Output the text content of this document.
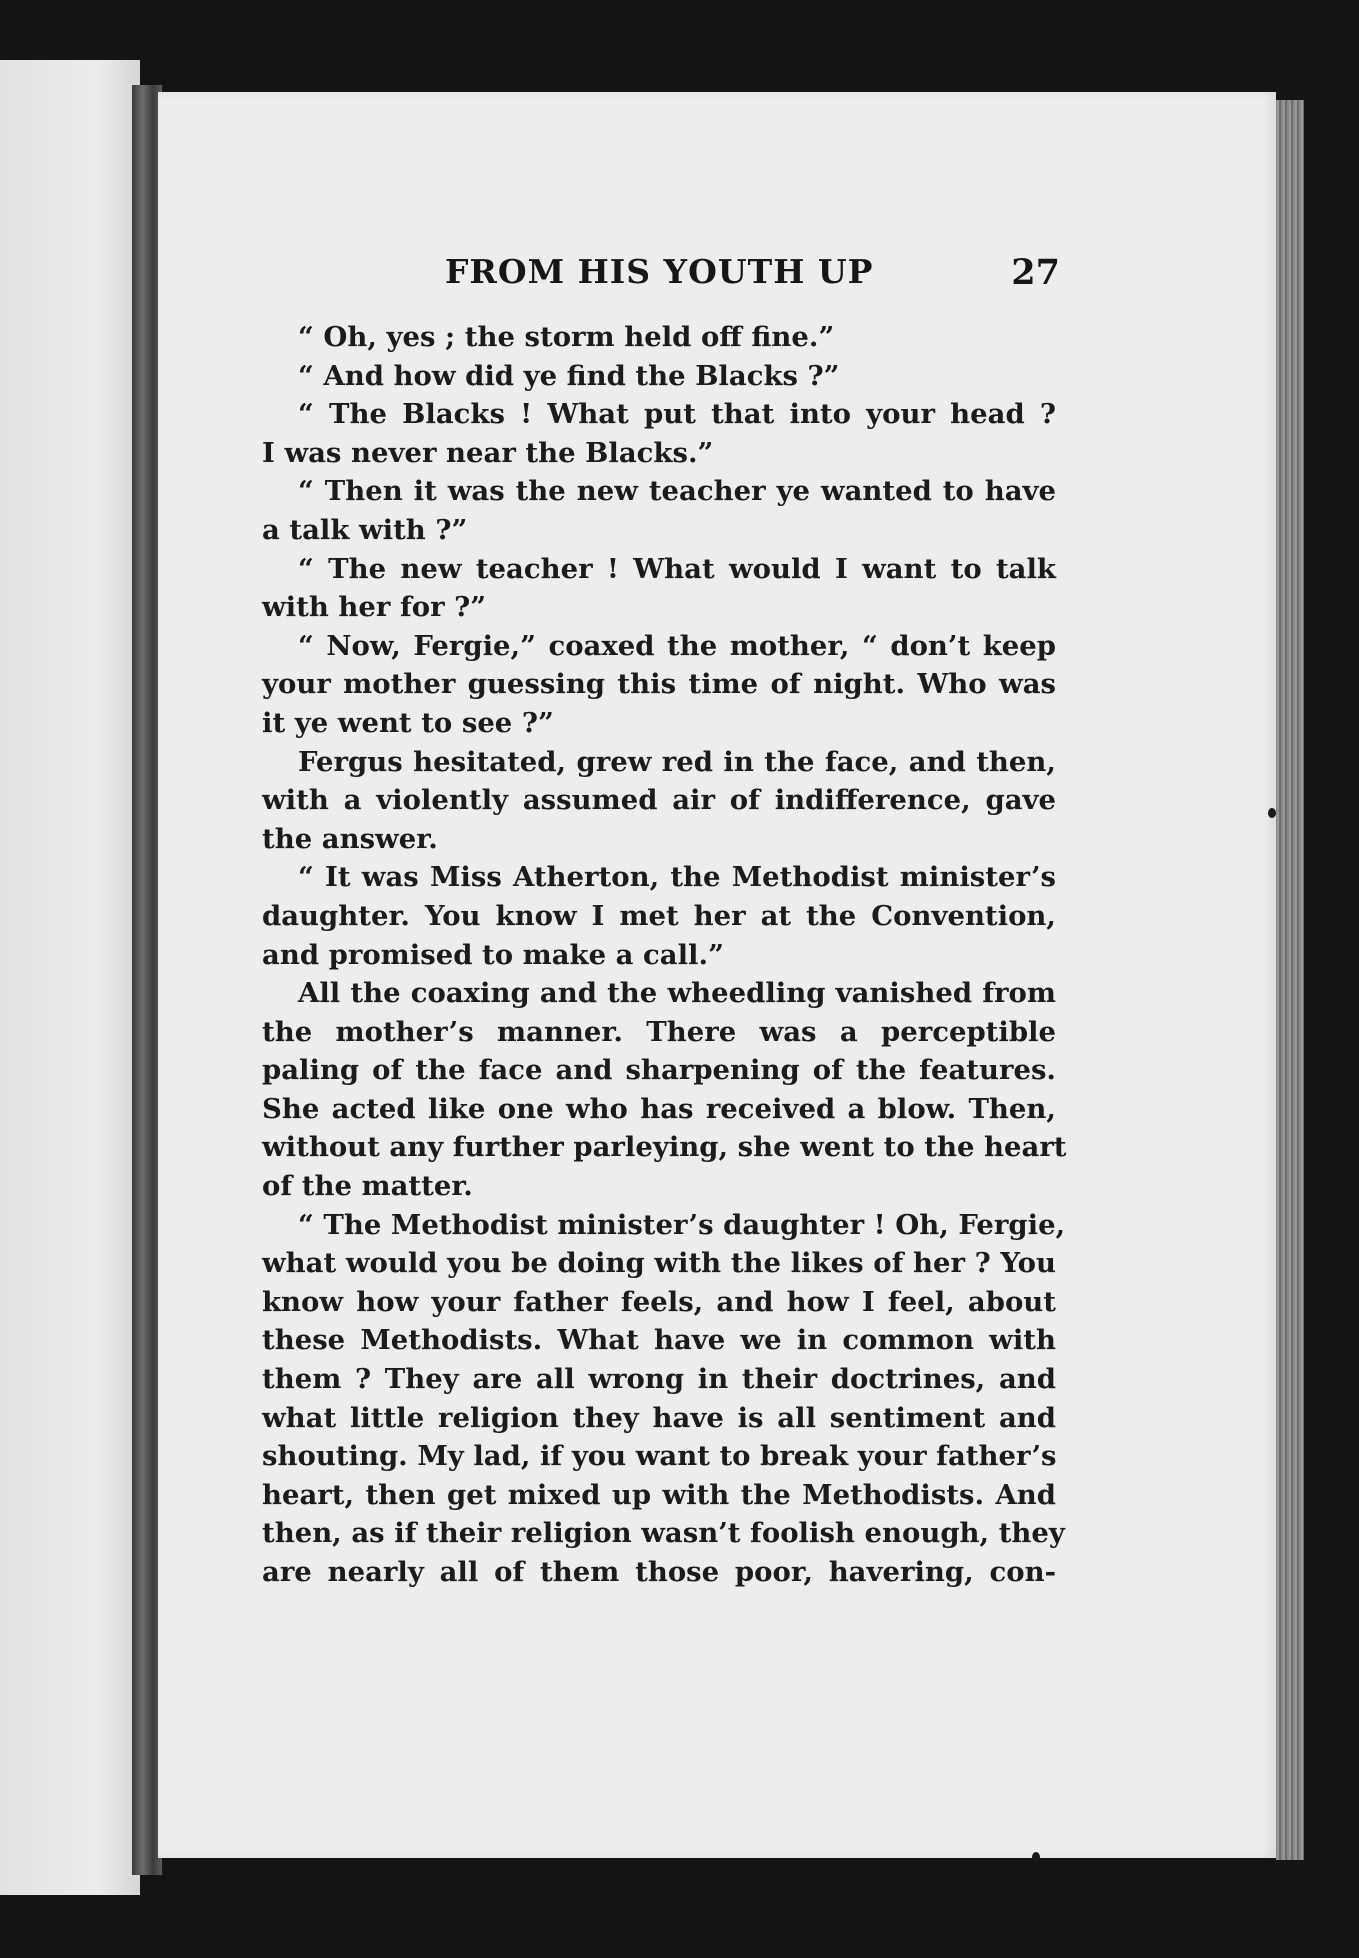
FROM HIS YOUTH UP	27
“ Oh, yes ; the storm held off fine.”
“ And how did ye find the Blacks ?”
“ The Blacks ! What put that into your head ?
I was never near the Blacks.”
“ Then it was the new teacher ye wanted to have
a talk with ?”
“ The new teacher ! What would I want to talk
with her for ?”
“ Now, Fergie,” coaxed the mother, “ don’t keep
your mother guessing this time of night. Who was
it ye went to see ?”
Fergus hesitated, grew red in the face, and then,
with a violently assumed air of indifference, gave
the answer.
“ It was Miss Atherton, the Methodist minister’s
daughter. You know I met her at the Convention,
and promised to make a call.”
All the coaxing and the wheedling vanished from
the mother’s manner. There was a perceptible
paling of the face and sharpening of the features.
She acted like one who has received a blow. Then,
without any further parleying, she went to the heart
of the matter.
“ The Methodist minister’s daughter ! Oh, Fergie,
what would you be doing with the likes of her ? You
know how your father feels, and how I feel, about
these Methodists. What have we in common with
them ? They are all wrong in their doctrines, and
what little religion they have is all sentiment and
shouting. My lad, if you want to break your father’s
heart, then get mixed up with the Methodists. And
then, as if their religion wasn’t foolish enough, they
are nearly all of them those poor, havering, con-
